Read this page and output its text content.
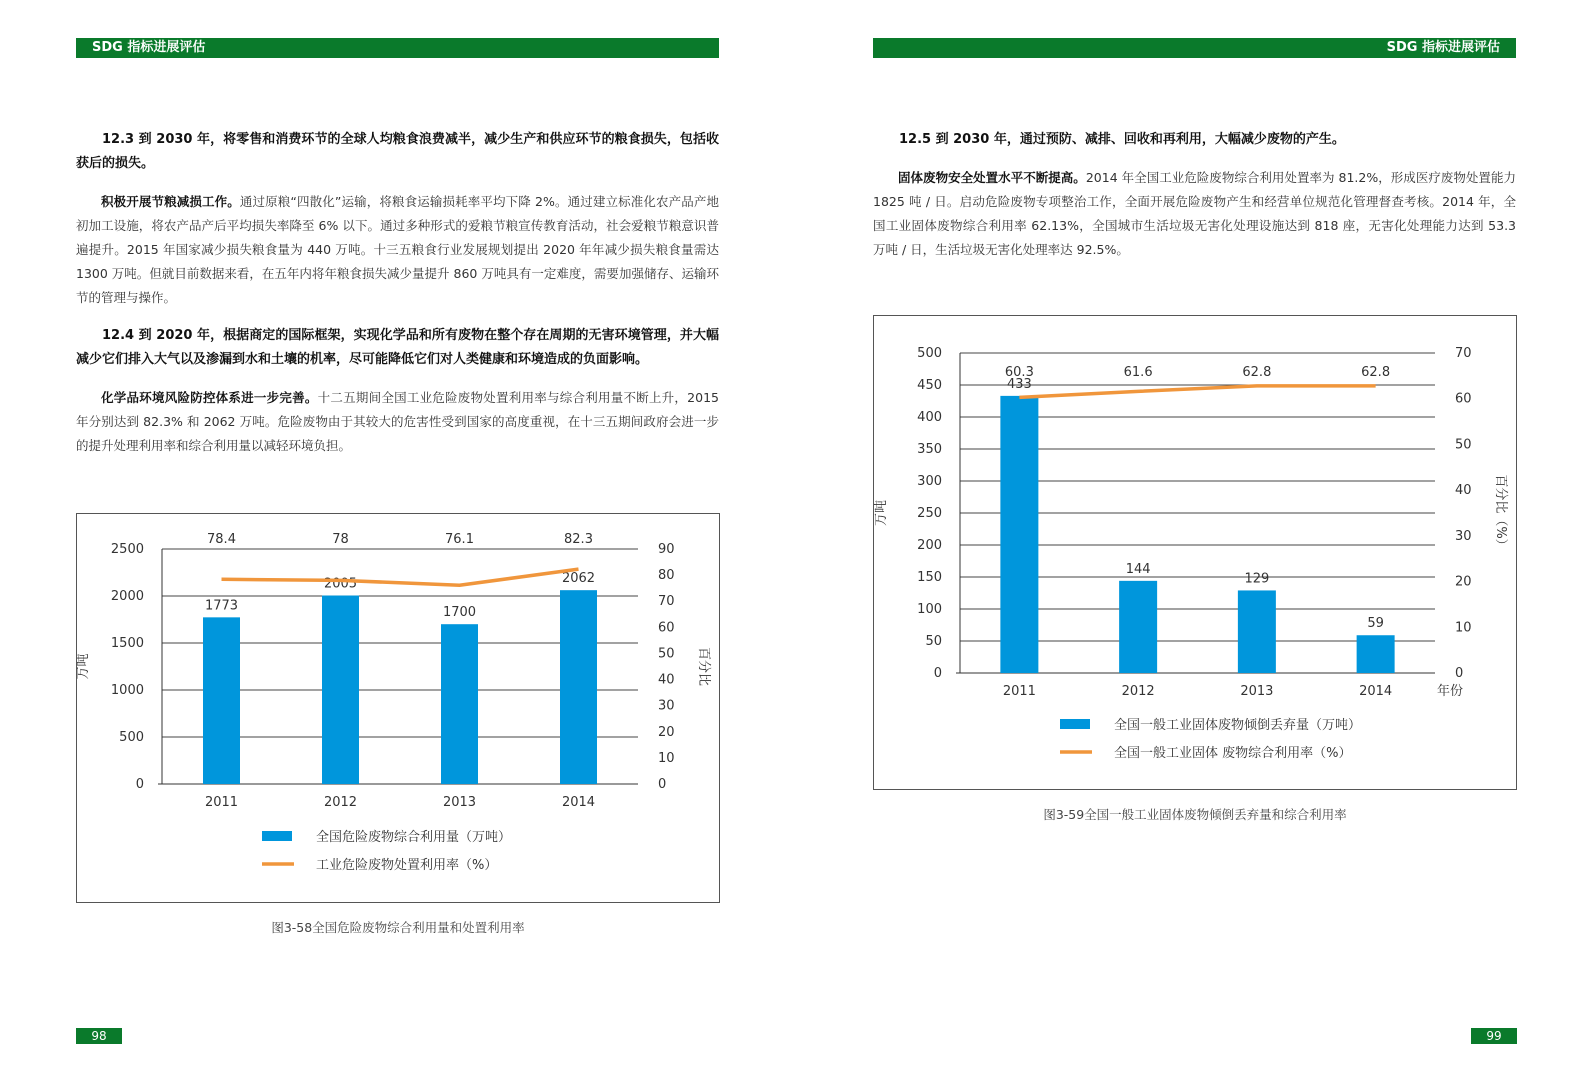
SDG 指标进展评估	SDG 指标进展评估

12.3 到 2030 年，将零售和消费环节的全球人均粮食浪费减半，减少生产和供应环节的粮食损失，包括收获后的损失。

积极开展节粮减损工作。通过原粮“四散化”运输，将粮食运输损耗率平均下降 2%。通过建立标准化农产品产地初加工设施，将农产品产后平均损失率降至 6% 以下。通过多种形式的爱粮节粮宣传教育活动，社会爱粮节粮意识普遍提升。2015 年国家减少损失粮食量为 440 万吨。十三五粮食行业发展规划提出 2020 年年减少损失粮食量需达 1300 万吨。但就目前数据来看，在五年内将年粮食损失减少量提升 860 万吨具有一定难度，需要加强储存、运输环节的管理与操作。

12.4 到 2020 年，根据商定的国际框架，实现化学品和所有废物在整个存在周期的无害环境管理，并大幅减少它们排入大气以及渗漏到水和土壤的机率，尽可能降低它们对人类健康和环境造成的负面影响。

化学品环境风险防控体系进一步完善。十二五期间全国工业危险废物处置利用率与综合利用量不断上升，2015 年分别达到 82.3% 和 2062 万吨。危险废物由于其较大的危害性受到国家的高度重视，在十三五期间政府会进一步的提升处理利用率和综合利用量以减轻环境负担。

12.5 到 2030 年，通过预防、减排、回收和再利用，大幅减少废物的产生。

固体废物安全处置水平不断提高。2014 年全国工业危险废物综合利用处置率为 81.2%，形成医疗废物处置能力 1825 吨 / 日。启动危险废物专项整治工作，全面开展危险废物产生和经营单位规范化管理督查考核。2014 年，全国工业固体废物综合利用率 62.13%，全国城市生活垃圾无害化处理设施达到 818 座，无害化处理能力达到 53.3 万吨 / 日，生活垃圾无害化处理率达 92.5%。

0
500
1000
1500
2000
2500
0
10
20
30
40
50
60
70
80
90
1773
2005
1700
2062
2011	2012	2013	2014
78.4	78	76.1	82.3
万吨	百分比
全国危险废物综合利用量（万吨）
工业危险废物处置利用率（%）
图3-58全国危险废物综合利用量和处置利用率
0
50
100
150
200
250
300
350
400
450
500
0
10
20
30
40
50
60
70
433
144
129
59
2011	2012	2013	2014	年份
60.3	61.6	62.8	62.8
万吨	百分比（%）
全国一般工业固体废物倾倒丢弃量（万吨）
全国一般工业固体 废物综合利用率（%）
图3-59全国一般工业固体废物倾倒丢弃量和综合利用率
98	99
